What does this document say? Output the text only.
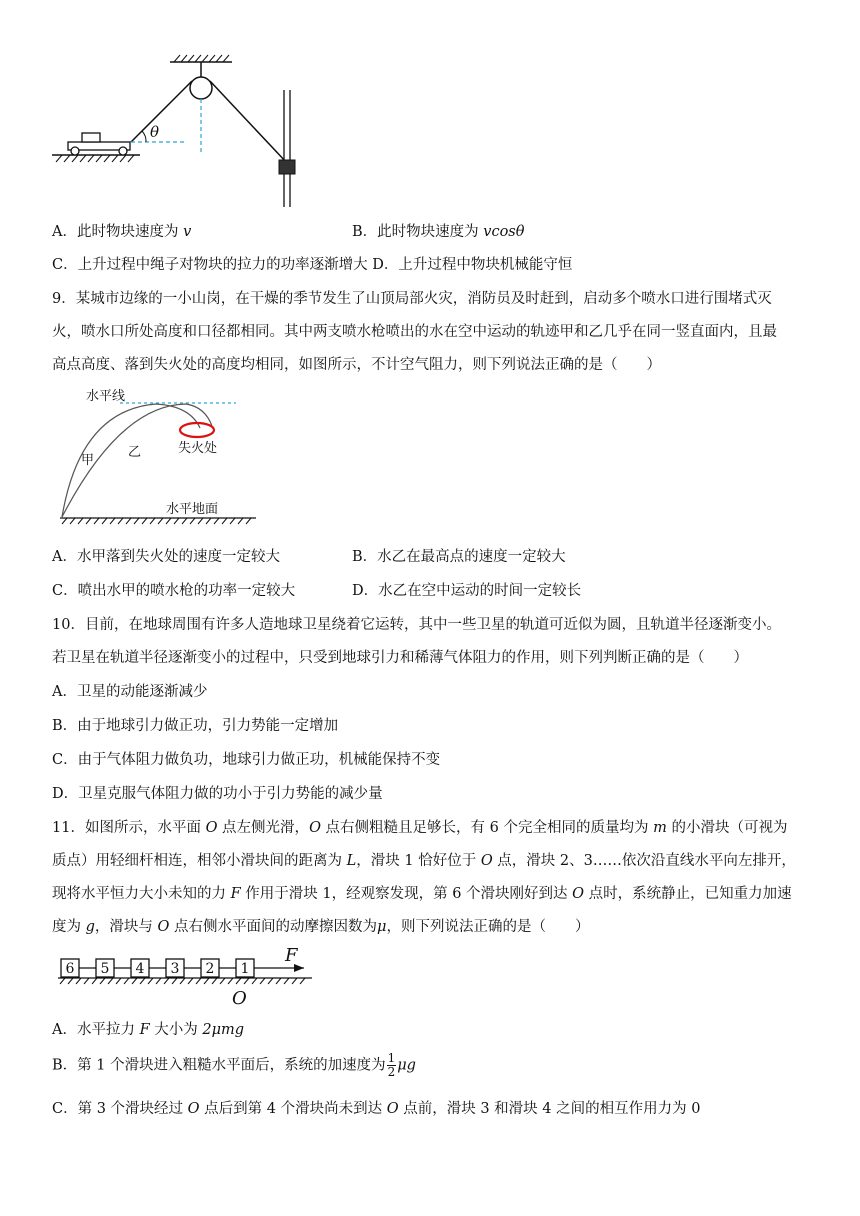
θ
A．此时物块速度为 v	B．此时物块速度为 vcosθ
C．上升过程中绳子对物块的拉力的功率逐渐增大 D．上升过程中物块机械能守恒
9．某城市边缘的一小山岗，在干燥的季节发生了山顶局部火灾，消防员及时赶到，启动多个喷水口进行围堵式灭
火，喷水口所处高度和口径都相同。其中两支喷水枪喷出的水在空中运动的轨迹甲和乙几乎在同一竖直面内，且最
高点高度、落到失火处的高度均相同，如图所示，不计空气阻力，则下列说法正确的是（　　）
水平线
失火处
甲
乙
水平地面
A．水甲落到失火处的速度一定较大	B．水乙在最高点的速度一定较大
C．喷出水甲的喷水枪的功率一定较大	D．水乙在空中运动的时间一定较长
10．目前，在地球周围有许多人造地球卫星绕着它运转，其中一些卫星的轨道可近似为圆，且轨道半径逐渐变小。
若卫星在轨道半径逐渐变小的过程中，只受到地球引力和稀薄气体阻力的作用，则下列判断正确的是（　　）
A．卫星的动能逐渐减少
B．由于地球引力做正功，引力势能一定增加
C．由于气体阻力做负功，地球引力做正功，机械能保持不变
D．卫星克服气体阻力做的功小于引力势能的减少量
11．如图所示，水平面 O 点左侧光滑，O 点右侧粗糙且足够长，有 6 个完全相同的质量均为 m 的小滑块（可视为
质点）用轻细杆相连，相邻小滑块间的距离为 L，滑块 1 恰好位于 O 点，滑块 2、3……依次沿直线水平向左排开，
现将水平恒力大小未知的力 F 作用于滑块 1，经观察发现，第 6 个滑块刚好到达 O 点时，系统静止，已知重力加速
度为 g，滑块与 O 点右侧水平面间的动摩擦因数为μ，则下列说法正确的是（　　）
6 5 4 3 2 1
F
O
A．水平拉力 F 大小为 2μmg
B．第 1 个滑块进入粗糙水平面后，系统的加速度为 $\frac{1}{2}$ μg
C．第 3 个滑块经过 O 点后到第 4 个滑块尚未到达 O 点前，滑块 3 和滑块 4 之间的相互作用力为 0
